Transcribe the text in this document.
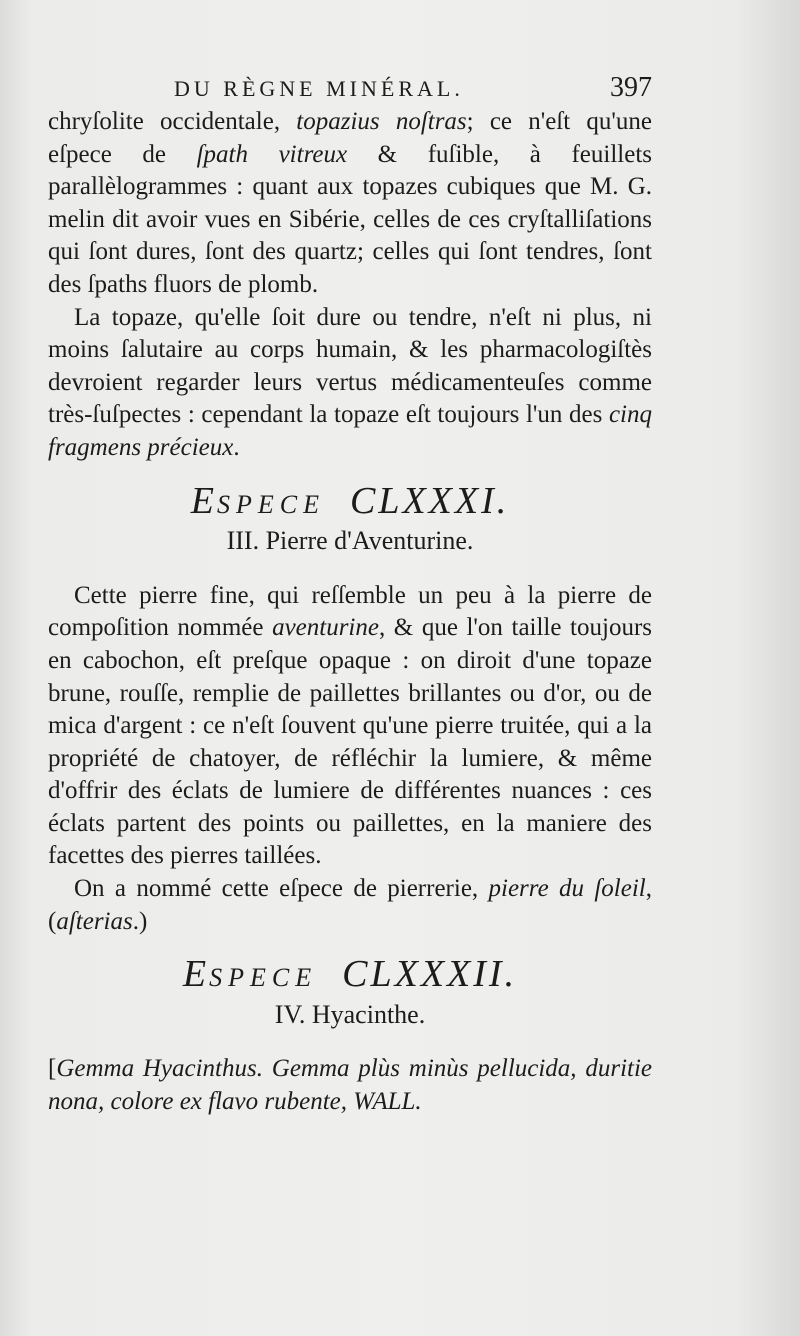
DU RÈGNE MINÉRAL.	397

chryſolite occidentale, topazius noſtras; ce n'eſt qu'une eſpece de ſpath vitreux & fuſible, à feuillets parallèlogrammes : quant aux topazes cubiques que M. G. melin dit avoir vues en Sibérie, celles de ces cryſtalliſations qui ſont dures, ſont des quartz; celles qui ſont tendres, ſont des ſpaths fluors de plomb.

La topaze, qu'elle ſoit dure ou tendre, n'eſt ni plus, ni moins ſalutaire au corps humain, & les pharmacologiſtès devroient regarder leurs vertus médicamenteuſes comme très-ſuſpectes : cependant la topaze eſt toujours l'un des cinq fragmens précieux.

ESPECE CLXXXI.
III. Pierre d'Aventurine.

Cette pierre fine, qui reſſemble un peu à la pierre de compoſition nommée aventurine, & que l'on taille toujours en cabochon, eſt preſque opaque : on diroit d'une topaze brune, rouſſe, remplie de paillettes brillantes ou d'or, ou de mica d'argent : ce n'eſt ſouvent qu'une pierre truitée, qui a la propriété de chatoyer, de réfléchir la lumiere, & même d'offrir des éclats de lumiere de différentes nuances : ces éclats partent des points ou paillettes, en la maniere des facettes des pierres taillées.

On a nommé cette eſpece de pierrerie, pierre du ſoleil, (aſterias.)

ESPECE CLXXXII.
IV. Hyacinthe.

[Gemma Hyacinthus. Gemma plùs minùs pellucida, duritie nona, colore ex flavo rubente, WALL.
